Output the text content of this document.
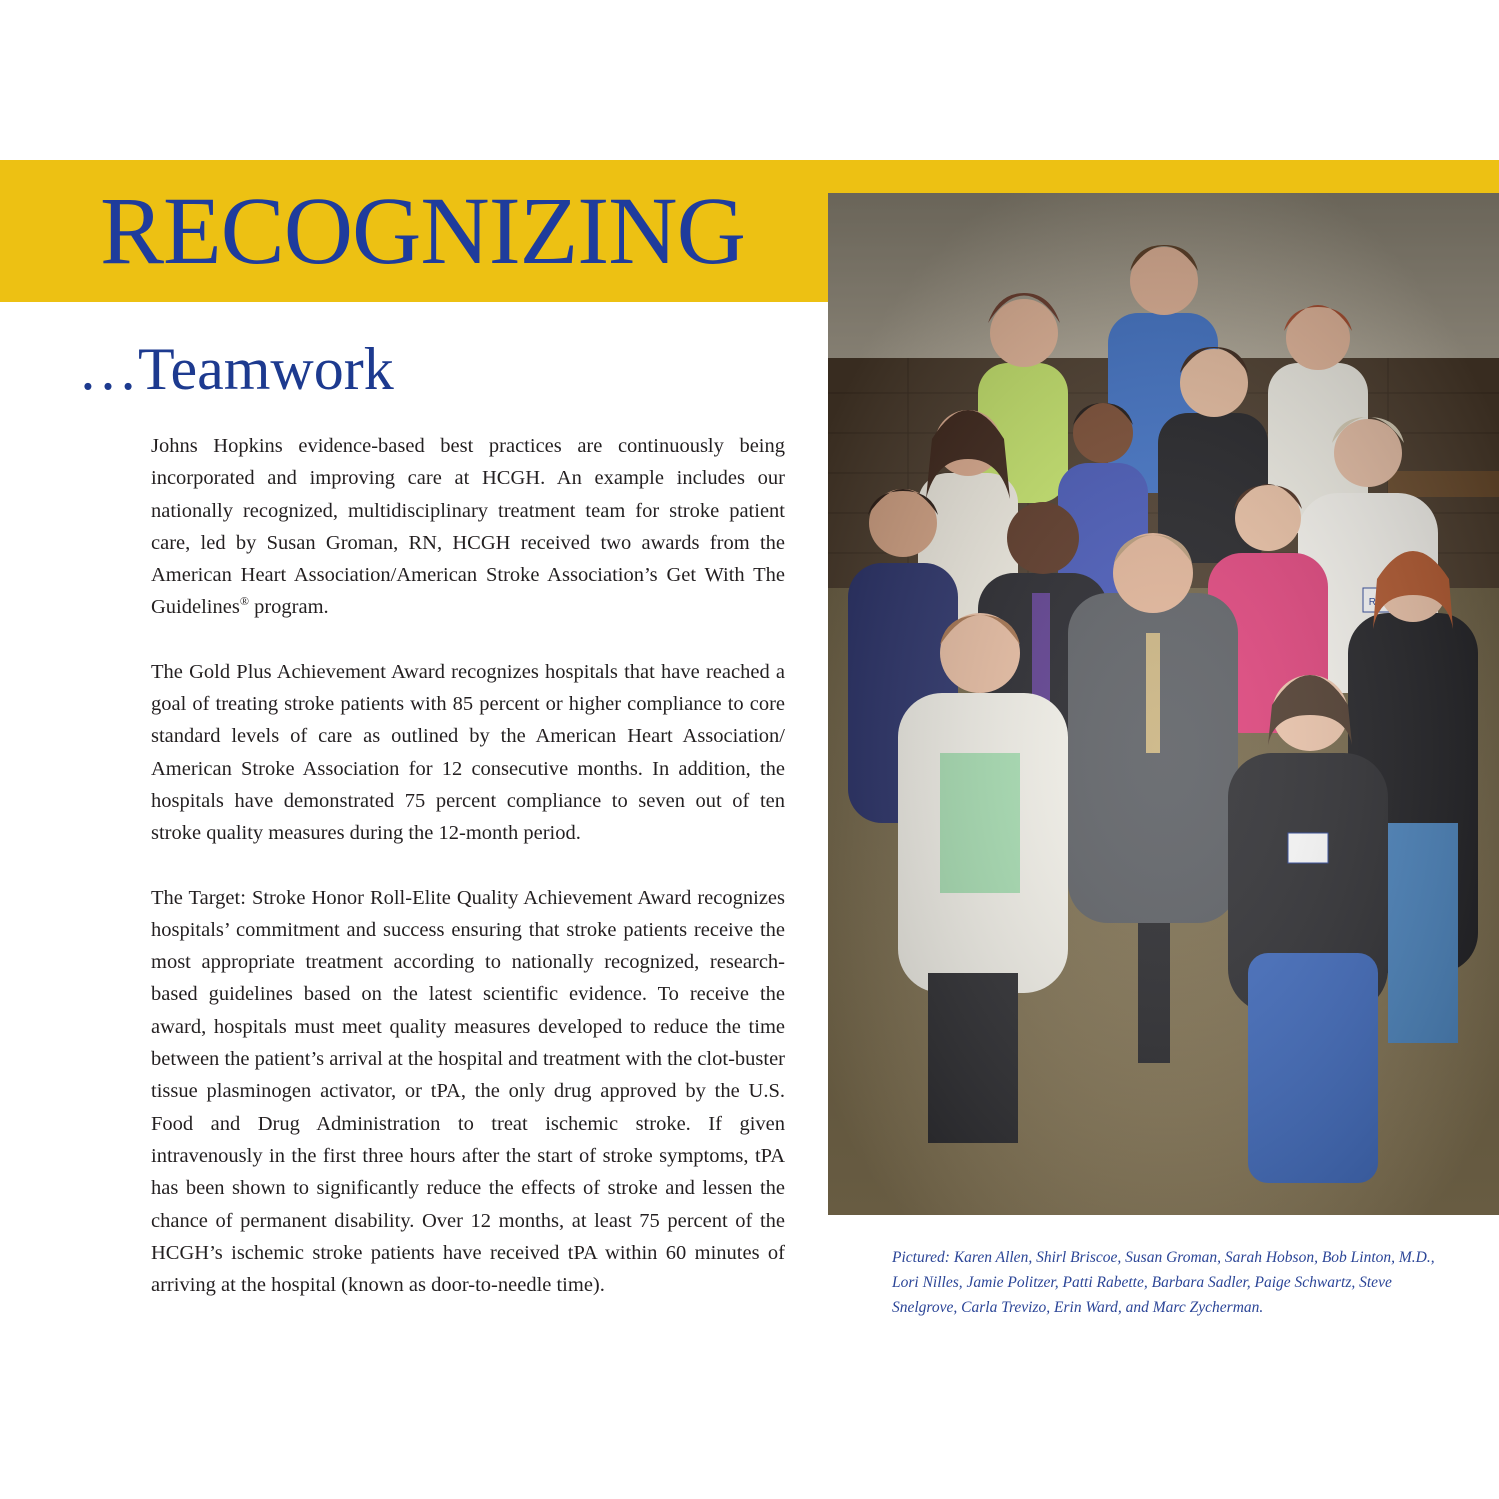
RECOGNIZING
…Teamwork

Johns Hopkins evidence-based best practices are continuously being incorporated and improving care at HCGH. An example includes our nationally recognized, multidisciplinary treatment team for stroke patient care, led by Susan Groman, RN, HCGH received two awards from the American Heart Association/American Stroke Association’s Get With The Guidelines® program.

The Gold Plus Achievement Award recognizes hospitals that have reached a goal of treating stroke patients with 85 percent or higher compliance to core standard levels of care as outlined by the American Heart Association/ American Stroke Association for 12 consecutive months. In addition, the hospitals have demonstrated 75 percent compliance to seven out of ten stroke quality measures during the 12-month period.

The Target: Stroke Honor Roll-Elite Quality Achievement Award recognizes hospitals’ commitment and success ensuring that stroke patients receive the most appropriate treatment according to nationally recognized, research-based guidelines based on the latest scientific evidence. To receive the award, hospitals must meet quality measures developed to reduce the time between the patient’s arrival at the hospital and treatment with the clot-buster tissue plasminogen activator, or tPA, the only drug approved by the U.S. Food and Drug Administration to treat ischemic stroke. If given intravenously in the first three hours after the start of stroke symptoms, tPA has been shown to significantly reduce the effects of stroke and lessen the chance of permanent disability. Over 12 months, at least 75 percent of the HCGH’s ischemic stroke patients have received tPA within 60 minutes of arriving at the hospital (known as door-to-needle time).

Pictured: Karen Allen, Shirl Briscoe, Susan Groman, Sarah Hobson, Bob Linton, M.D., Lori Nilles, Jamie Politzer, Patti Rabette, Barbara Sadler, Paige Schwartz, Steve Snelgrove, Carla Trevizo, Erin Ward, and Marc Zycherman.
